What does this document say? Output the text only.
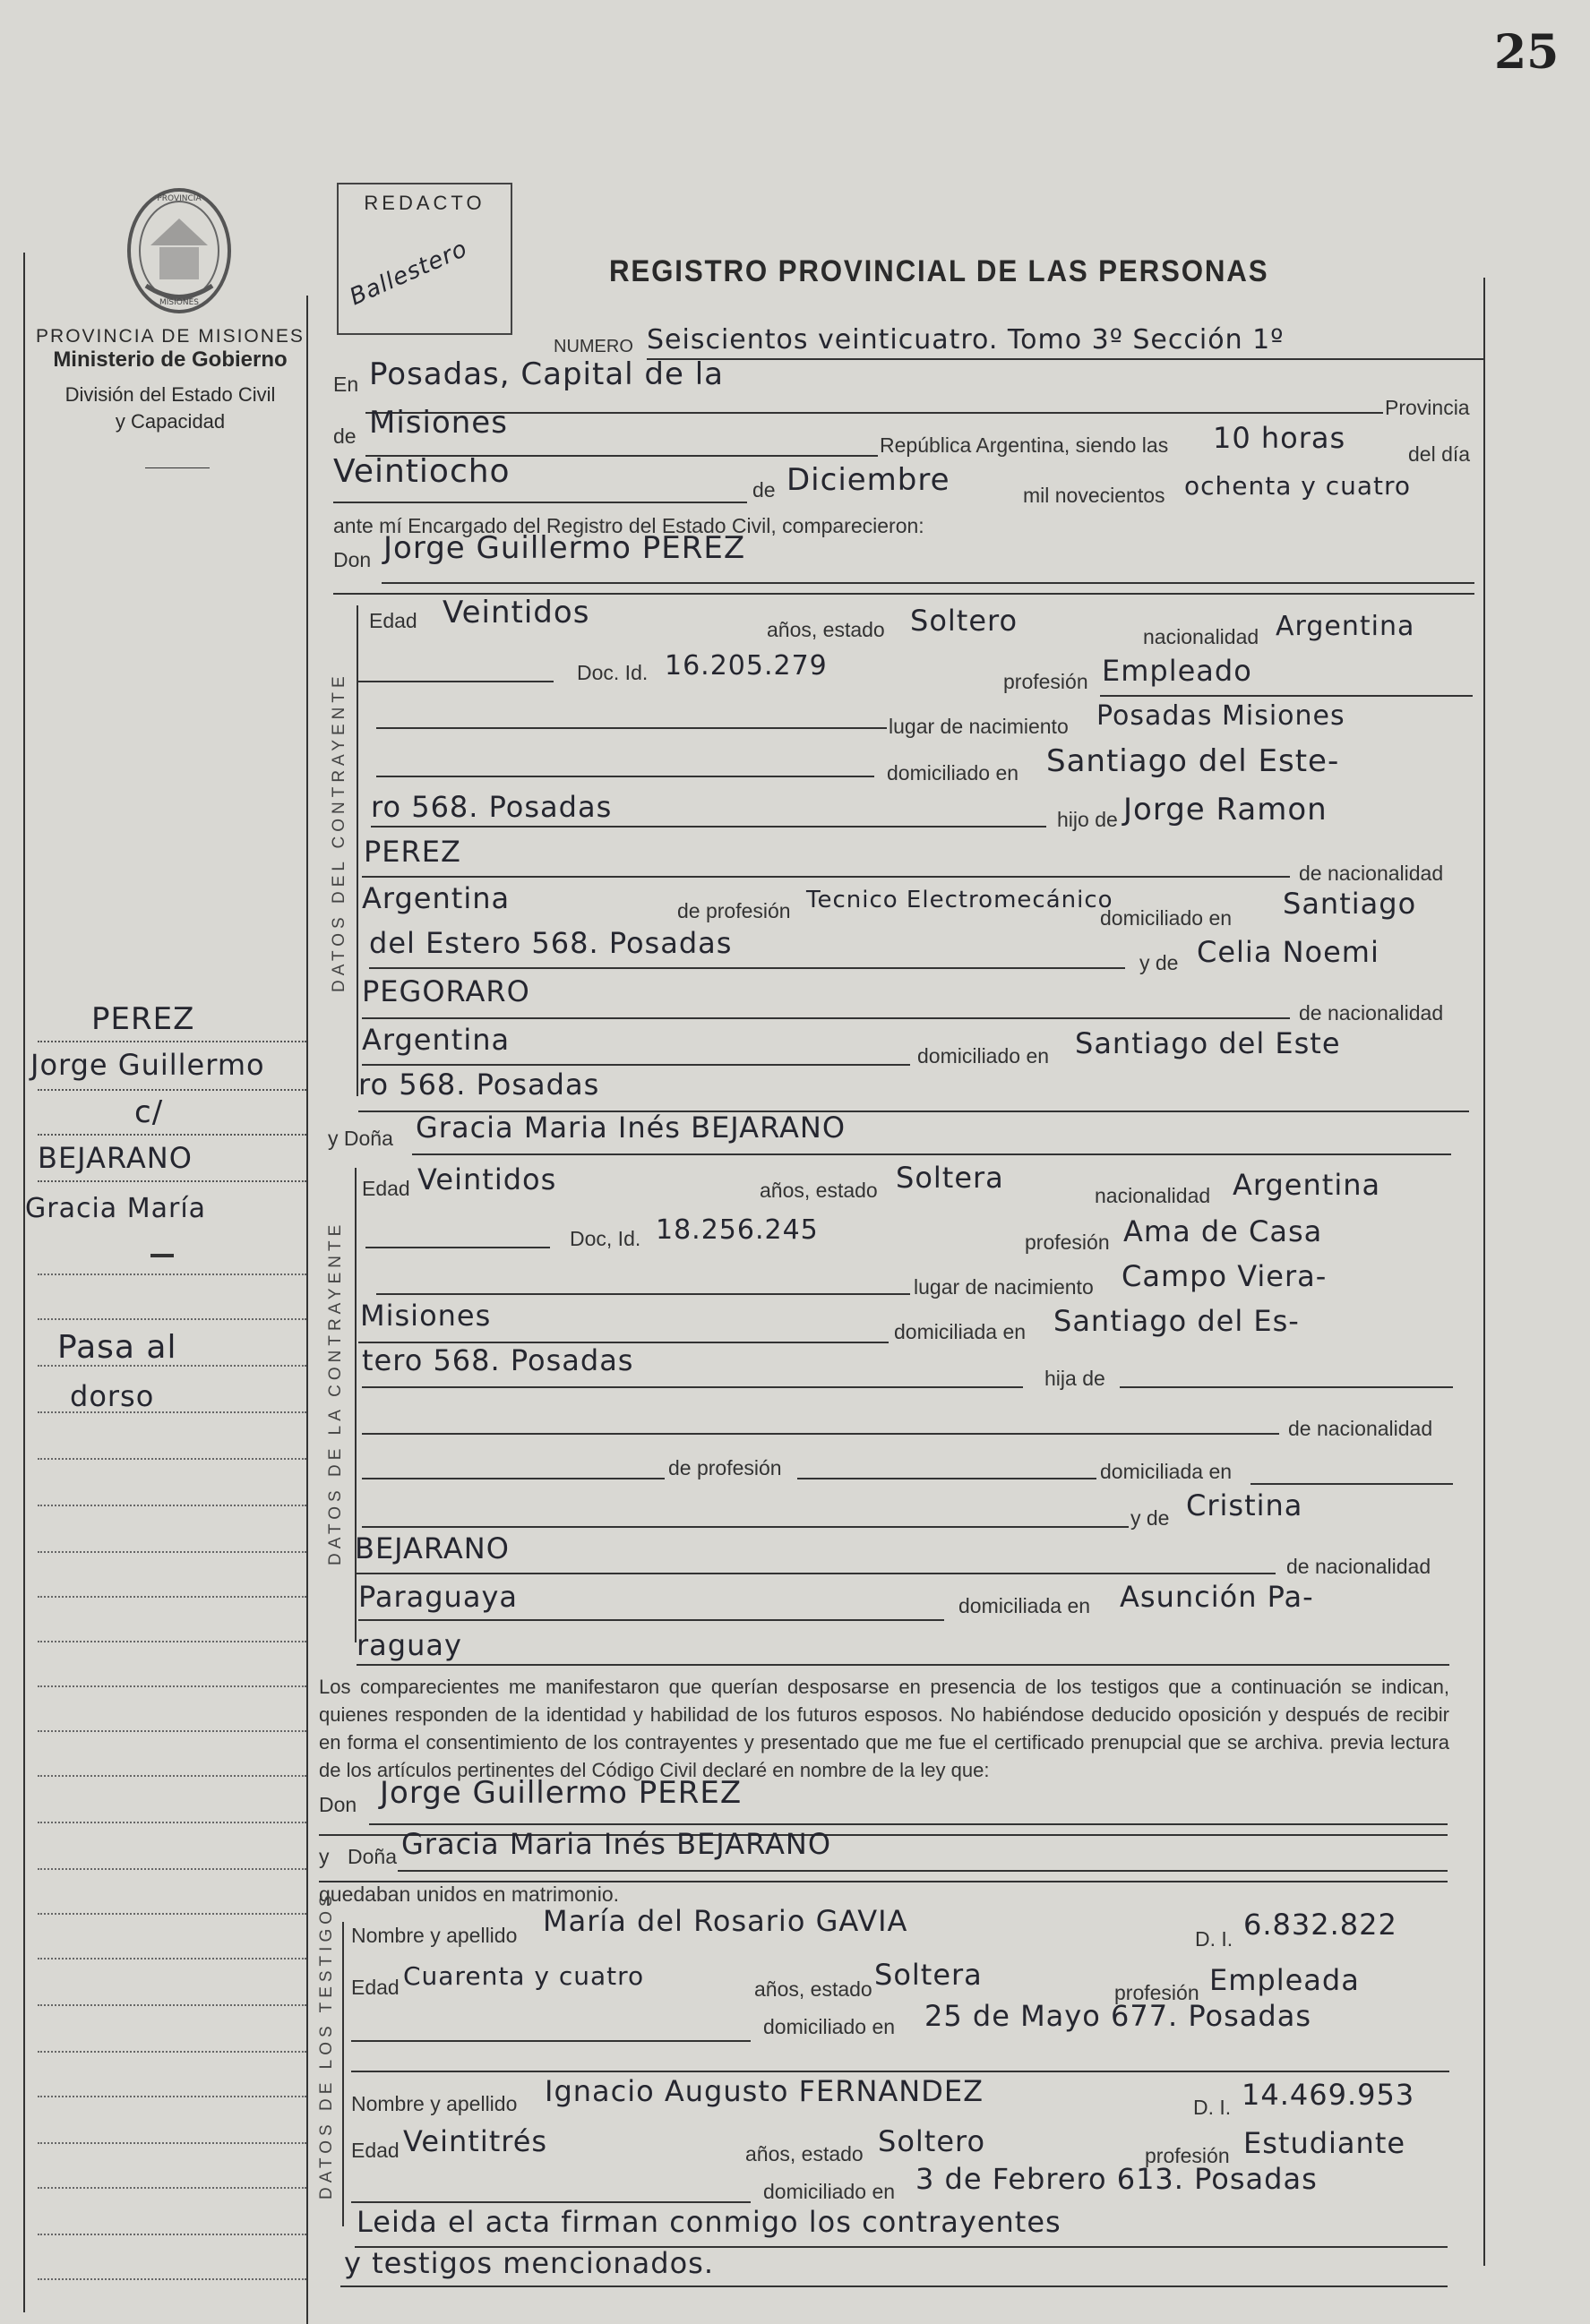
25
PROVINCIA
MISIONES
PROVINCIA DE MISIONES
Ministerio de Gobierno
División del Estado Civil
y Capacidad
REDACTO
Ballestero	REGISTRO PROVINCIAL DE LAS PERSONAS
NUMERO Seiscientos veinticuatro. Tomo 3º Sección 1º
En Posadas, Capital de la
Provincia
de Misiones
República Argentina, siendo las 10 horas	del día
Veintiocho	de Diciembre	mil novecientos ochenta y cuatro
ante mí Encargado del Registro del Estado Civil, comparecieron:
Don Jorge Guillermo PEREZ
DATOS DEL CONTRAYENTE
Edad Veintidos	años, estado Soltero	nacionalidad Argentina
Doc. Id. 16.205.279	profesión Empleado
lugar de nacimiento Posadas Misiones
domiciliado en Santiago del Este-
ro 568. Posadas	hijo de Jorge Ramon
PEREZ
de nacionalidad
Argentina	de profesión Tecnico Electromecánico
domiciliado en Santiago
del Estero 568. Posadas
y de Celia Noemi
PEGORARO
de nacionalidad
Argentina	domiciliado en Santiago del Este
ro 568. Posadas
y Doña Gracia Maria Inés BEJARANO
DATOS DE LA CONTRAYENTE
Edad Veintidos	años, estado Soltera
nacionalidad Argentina
Doc, Id. 18.256.245	profesión Ama de Casa
lugar de nacimiento Campo Viera-
Misiones	domiciliada en Santiago del Es-
tero 568. Posadas
hija de
de nacionalidad
de profesión	domiciliada en
y de Cristina
BEJARANO
de nacionalidad
Paraguaya	domiciliada en Asunción Pa-
raguay
Los comparecientes me manifestaron que querían desposarse en presencia de los testigos que a continuación se indican, quienes responden de la identidad y habilidad de los futuros esposos. No habiéndose deducido oposición y después de recibir en forma el consentimiento de los contrayentes y presentado que me fue el certificado prenupcial que se archiva. previa lectura de los artículos pertinentes del Código Civil declaré en nombre de la ley que:
Don Jorge Guillermo PEREZ
y Doña Gracia Maria Inés BEJARANO
quedaban unidos en matrimonio.
DATOS DE LOS TESTIGOS Nombre y apellido María del Rosario GAVIA
D. I. 6.832.822
Edad Cuarenta y cuatro	años, estado Soltera
profesión Empleada
domiciliado en 25 de Mayo 677. Posadas
Nombre y apellido Ignacio Augusto FERNANDEZ	D. I. 14.469.953
Edad Veintitrés	años, estado Soltero	profesión Estudiante
domiciliado en 3 de Febrero 613. Posadas
Leida el acta firman conmigo los contrayentes
y testigos mencionados.
PEREZ
Jorge Guillermo
c/
BEJARANO
Gracia María
Pasa al
dorso
